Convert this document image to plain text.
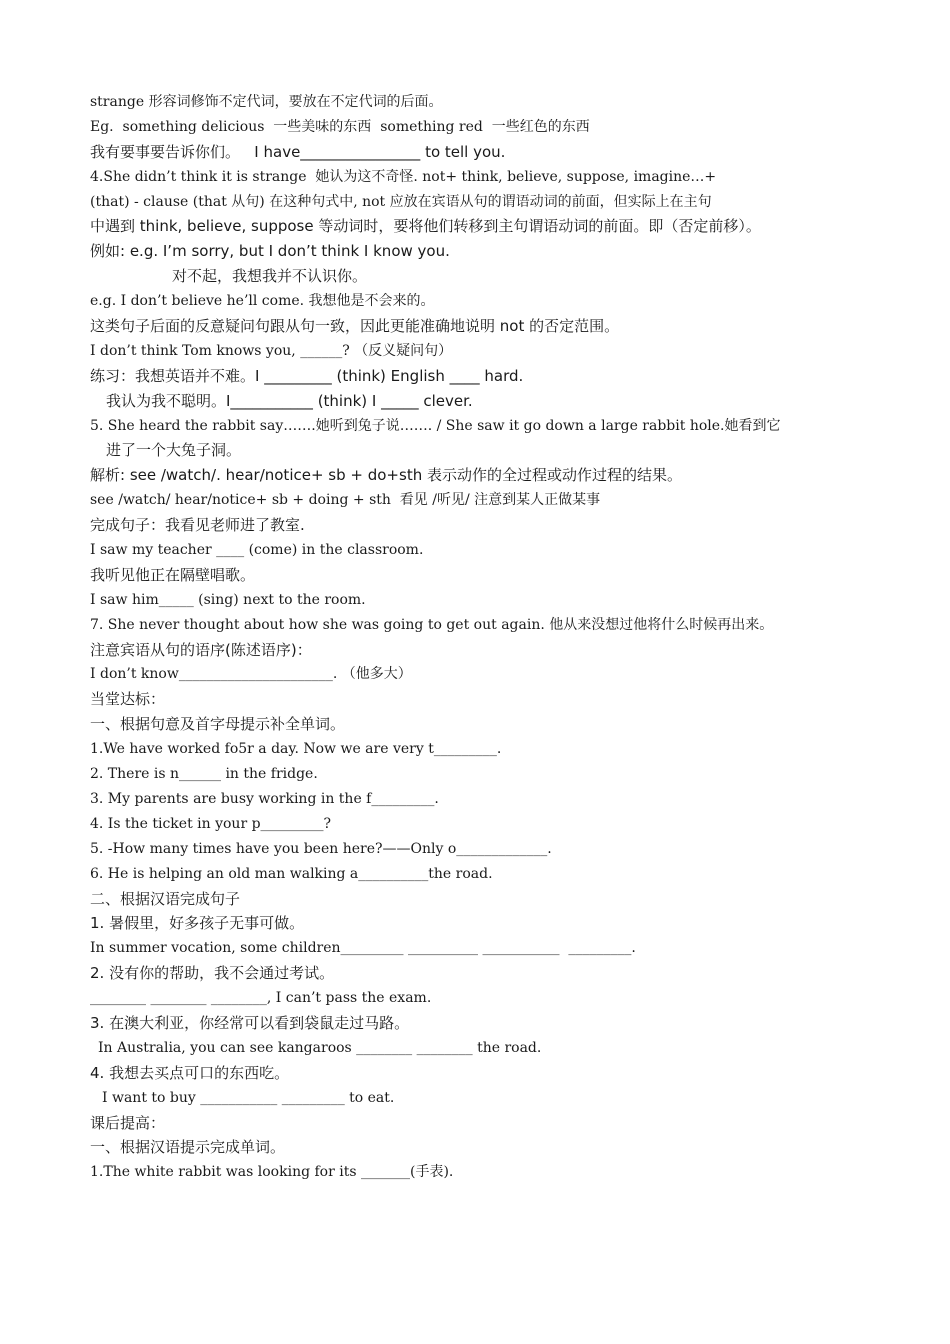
strange 形容词修饰不定代词，要放在不定代词的后面。
Eg.  something delicious  一些美味的东西  something red  一些红色的东西
我有要事要告诉你们。   I have________________ to tell you.
4.She didn’t think it is strange  她认为这不奇怪. not+ think, believe, suppose, imagine…+
(that) - clause (that 从句) 在这种句式中, not 应放在宾语从句的谓语动词的前面，但实际上在主句
中遇到 think, believe, suppose 等动词时，要将他们转移到主句谓语动词的前面。即（否定前移）。
例如: e.g. I’m sorry, but I don’t think I know you.
对不起，我想我并不认识你。
e.g. I don’t believe he’ll come. 我想他是不会来的。
这类句子后面的反意疑问句跟从句一致，因此更能准确地说明 not 的否定范围。
I don’t think Tom knows you, ______? （反义疑问句）
练习：我想英语并不难。I _________ (think) English ____ hard.
我认为我不聪明。I___________ (think) I _____ clever.
5. She heard the rabbit say…….她听到兔子说……. / She saw it go down a large rabbit hole.她看到它
进了一个大兔子洞。
解析: see /watch/. hear/notice+ sb + do+sth 表示动作的全过程或动作过程的结果。
see /watch/ hear/notice+ sb + doing + sth  看见 /听见/ 注意到某人正做某事
完成句子：我看见老师进了教室.
I saw my teacher ____ (come) in the classroom.
我听见他正在隔壁唱歌。
I saw him_____ (sing) next to the room.
7. She never thought about how she was going to get out again. 他从来没想过他将什么时候再出来。
注意宾语从句的语序(陈述语序)：
I don’t know______________________. （他多大）
当堂达标：
一、根据句意及首字母提示补全单词。
1.We have worked fo5r a day. Now we are very t_________.
2. There is n______ in the fridge.
3. My parents are busy working in the f_________.
4. Is the ticket in your p_________?
5. -How many times have you been here?——Only o_____________.
6. He is helping an old man walking a__________the road.
二、根据汉语完成句子
1. 暑假里，好多孩子无事可做。
In summer vocation, some children_________ __________ ___________  _________.
2. 没有你的帮助，我不会通过考试。
________ ________ ________, I can’t pass the exam.
3. 在澳大利亚，你经常可以看到袋鼠走过马路。
In Australia, you can see kangaroos ________ ________ the road.
4. 我想去买点可口的东西吃。
I want to buy ___________ _________ to eat.
课后提高：
一、根据汉语提示完成单词。
1.The white rabbit was looking for its _______(手表).
